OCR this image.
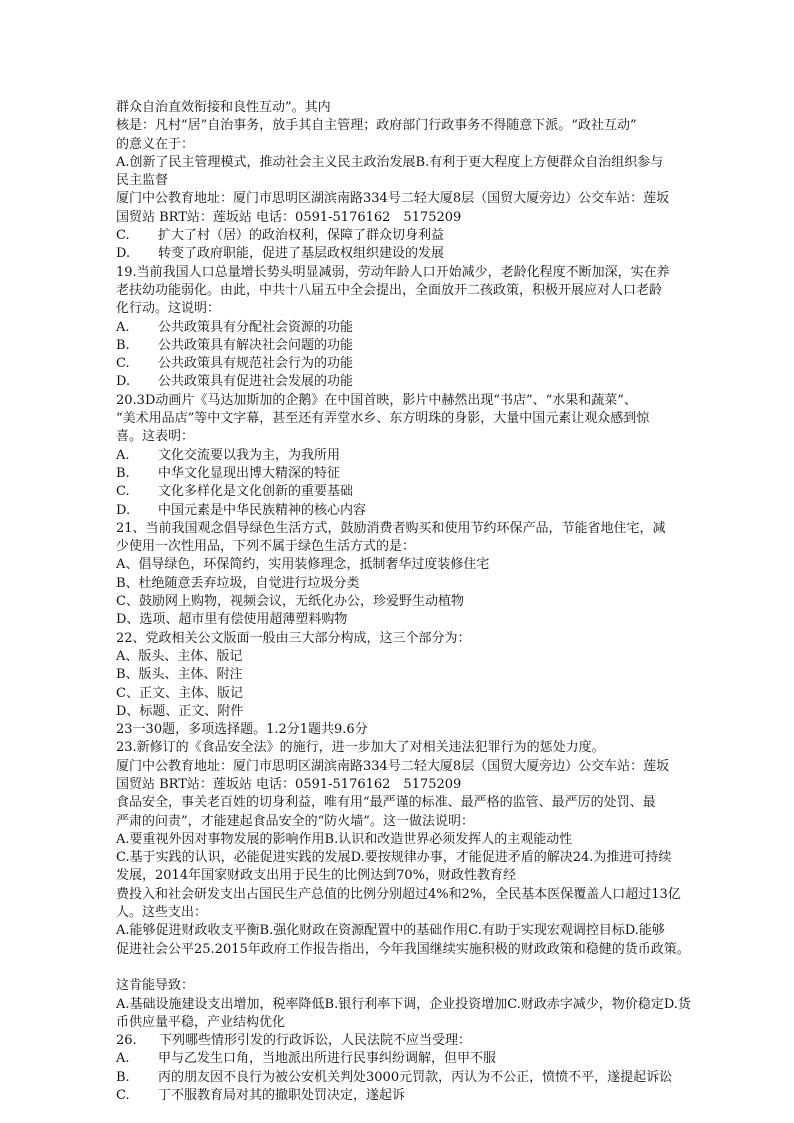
群众自治直效衔接和良性互动”。其内
核是：凡村“居”自治事务，放手其自主管理；政府部门行政事务不得随意下派。“政社互动”
的意义在于：
A.创新了民主管理模式，推动社会主义民主政治发展B.有利于更大程度上方便群众自治组织参与
民主监督
厦门中公教育地址：厦门市思明区湖滨南路334号二轻大厦8层（国贸大厦旁边）公交车站：莲坂
国贸站 BRT站：莲坂站 电话：0591-5176162　5175209
C. 扩大了村（居）的政治权利，保障了群众切身利益
D. 转变了政府职能，促进了基层政权组织建设的发展
19.当前我国人口总量增长势头明显减弱，劳动年龄人口开始减少，老龄化程度不断加深，实在养
老扶幼功能弱化。由此，中共十八届五中全会提出，全面放开二孩政策，积极开展应对人口老龄
化行动。这说明：
A. 公共政策具有分配社会资源的功能
B. 公共政策具有解决社会问题的功能
C. 公共政策具有规范社会行为的功能
D. 公共政策具有促进社会发展的功能
20.3D动画片《马达加斯加的企鹅》在中国首映，影片中赫然出现“书店”、“水果和蔬菜”、
“美术用品店”等中文字幕，甚至还有弄堂水乡、东方明珠的身影，大量中国元素让观众感到惊
喜。这表明：
A. 文化交流要以我为主，为我所用
B. 中华文化显现出博大精深的特征
C. 文化多样化是文化创新的重要基础
D. 中国元素是中华民族精神的核心内容
21、当前我国观念倡导绿色生活方式，鼓励消费者购买和使用节约环保产品，节能省地住宅，减
少使用一次性用品，下列不属于绿色生活方式的是：
A、倡导绿色，环保简约，实用装修理念，抵制奢华过度装修住宅
B、杜绝随意丢弃垃圾，自觉进行垃圾分类
C、鼓励网上购物，视频会议，无纸化办公，珍爱野生动植物
D、选项、超市里有偿使用超薄塑料购物
22、党政相关公文版面一般由三大部分构成，这三个部分为：
A、版头、主体、版记
B、版头、主体、附注
C、正文、主体、版记
D、标题、正文、附件
23一30题，多项选择题。1.2分1题共9.6分
23.新修订的《食品安全法》的施行，进一步加大了对相关违法犯罪行为的惩处力度。
厦门中公教育地址：厦门市思明区湖滨南路334号二轻大厦8层（国贸大厦旁边）公交车站：莲坂
国贸站 BRT站：莲坂站 电话：0591-5176162　5175209
食品安全，事关老百姓的切身利益，唯有用“最严谨的标准、最严格的监管、最严厉的处罚、最
严肃的问责”，才能建起食品安全的“防火墙”。这一做法说明：
A.要重视外因对事物发展的影响作用B.认识和改造世界必须发挥人的主观能动性
C.基于实践的认识，必能促进实践的发展D.要按规律办事，才能促进矛盾的解决24.为推进可持续
发展，2014年国家财政支出用于民生的比例达到70%，财政性教育经
费投入和社会研发支出占国民生产总值的比例分别超过4%和2%，全民基本医保覆盖人口超过13亿
人。这些支出：
A.能够促进财政收支平衡B.强化财政在资源配置中的基础作用C.有助于实现宏观调控目标D.能够
促进社会公平25.2015年政府工作报告指出，今年我国继续实施积极的财政政策和稳健的货币政策。
这肯能导致：
A.基础设施建设支出增加，税率降低B.银行利率下调，企业投资增加C.财政赤字减少，物价稳定D.货
币供应量平稳，产业结构优化
26. 下列哪些情形引发的行政诉讼，人民法院不应当受理：
A. 甲与乙发生口角，当地派出所进行民事纠纷调解，但甲不服
B. 丙的朋友因不良行为被公安机关判处3000元罚款，丙认为不公正，愤愤不平，遂提起诉讼
C. 丁不服教育局对其的撤职处罚决定，遂起诉
